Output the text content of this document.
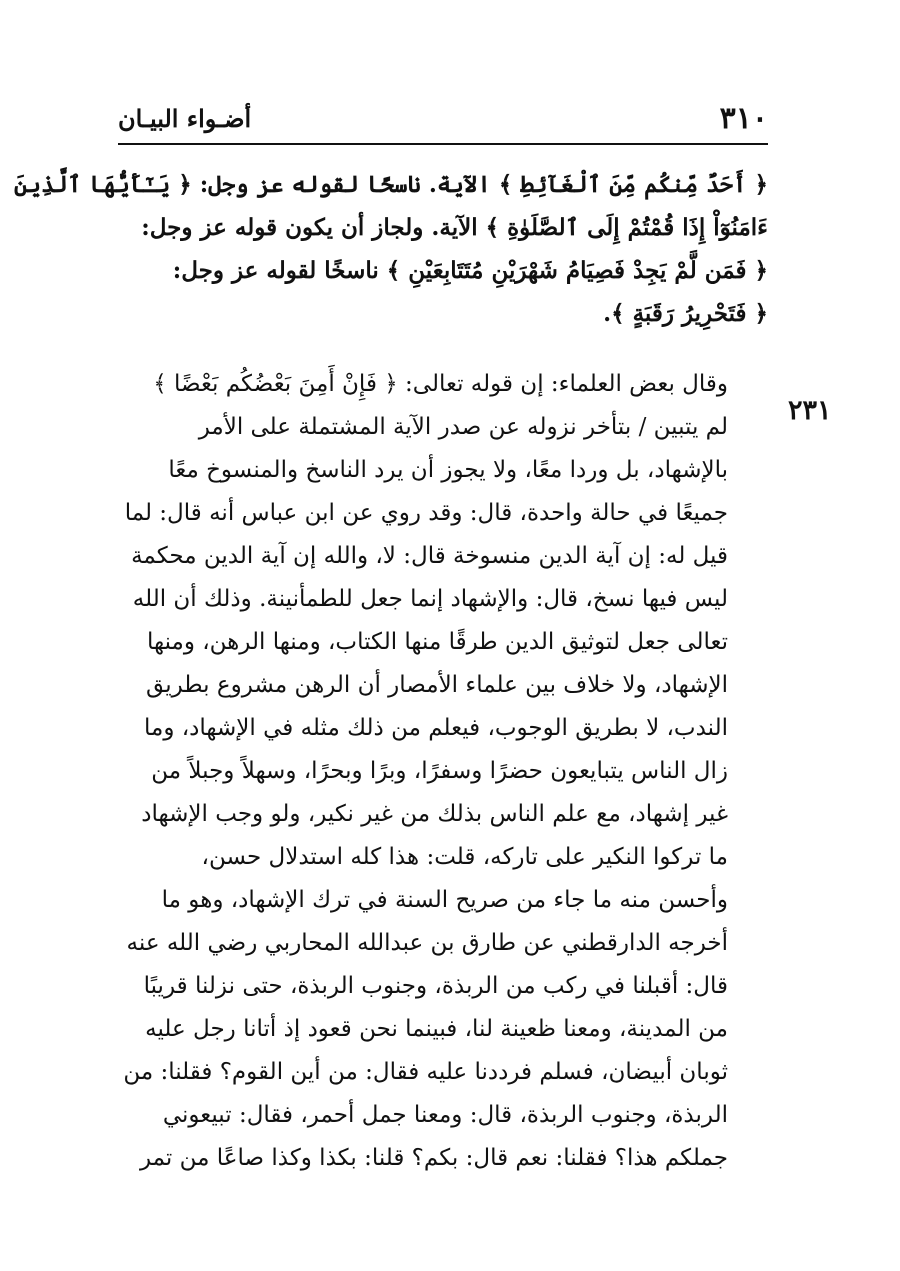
٣١٠
أضـواء البيـان
٢٣١

﴿ أَحَدٌ مِّنكُم مِّنَ ٱلْغَآئِطِ ﴾ الآية. ناسخًا لقوله عز وجل: ﴿ يَـٰٓأَيُّهَا ٱلَّذِينَ
ءَامَنُوٓاْ إِذَا قُمْتُمْ إِلَى ٱلصَّلَوٰةِ ﴾ الآية. ولجاز أن يكون قوله عز وجل:
﴿ فَمَن لَّمْ يَجِدْ فَصِيَامُ شَهْرَيْنِ مُتَتَابِعَيْنِ ﴾ ناسخًا لقوله عز وجل:
﴿ فَتَحْرِيرُ رَقَبَةٍ ﴾.

وقال بعض العلماء: إن قوله تعالى: ﴿ فَإِنْ أَمِنَ بَعْضُكُم بَعْضًا ﴾
لم يتبين / بتأخر نزوله عن صدر الآية المشتملة على الأمر
بالإشهاد، بل وردا معًا، ولا يجوز أن يرد الناسخ والمنسوخ معًا
جميعًا في حالة واحدة، قال: وقد روي عن ابن عباس أنه قال: لما
قيل له: إن آية الدين منسوخة قال: لا، والله إن آية الدين محكمة
ليس فيها نسخ، قال: والإشهاد إنما جعل للطمأنينة. وذلك أن الله
تعالى جعل لتوثيق الدين طرقًا منها الكتاب، ومنها الرهن، ومنها
الإشهاد، ولا خلاف بين علماء الأمصار أن الرهن مشروع بطريق
الندب، لا بطريق الوجوب، فيعلم من ذلك مثله في الإشهاد، وما
زال الناس يتبايعون حضرًا وسفرًا، وبرًا وبحرًا، وسهلاً وجبلاً من
غير إشهاد، مع علم الناس بذلك من غير نكير، ولو وجب الإشهاد
ما تركوا النكير على تاركه، قلت: هذا كله استدلال حسن،
وأحسن منه ما جاء من صريح السنة في ترك الإشهاد، وهو ما
أخرجه الدارقطني عن طارق بن عبدالله المحاربي رضي الله عنه
قال: أقبلنا في ركب من الربذة، وجنوب الربذة، حتى نزلنا قريبًا
من المدينة، ومعنا ظعينة لنا، فبينما نحن قعود إذ أتانا رجل عليه
ثوبان أبيضان، فسلم فرددنا عليه فقال: من أين القوم؟ فقلنا: من
الربذة، وجنوب الربذة، قال: ومعنا جمل أحمر، فقال: تبيعوني
جملكم هذا؟ فقلنا: نعم قال: بكم؟ قلنا: بكذا وكذا صاعًا من تمر
